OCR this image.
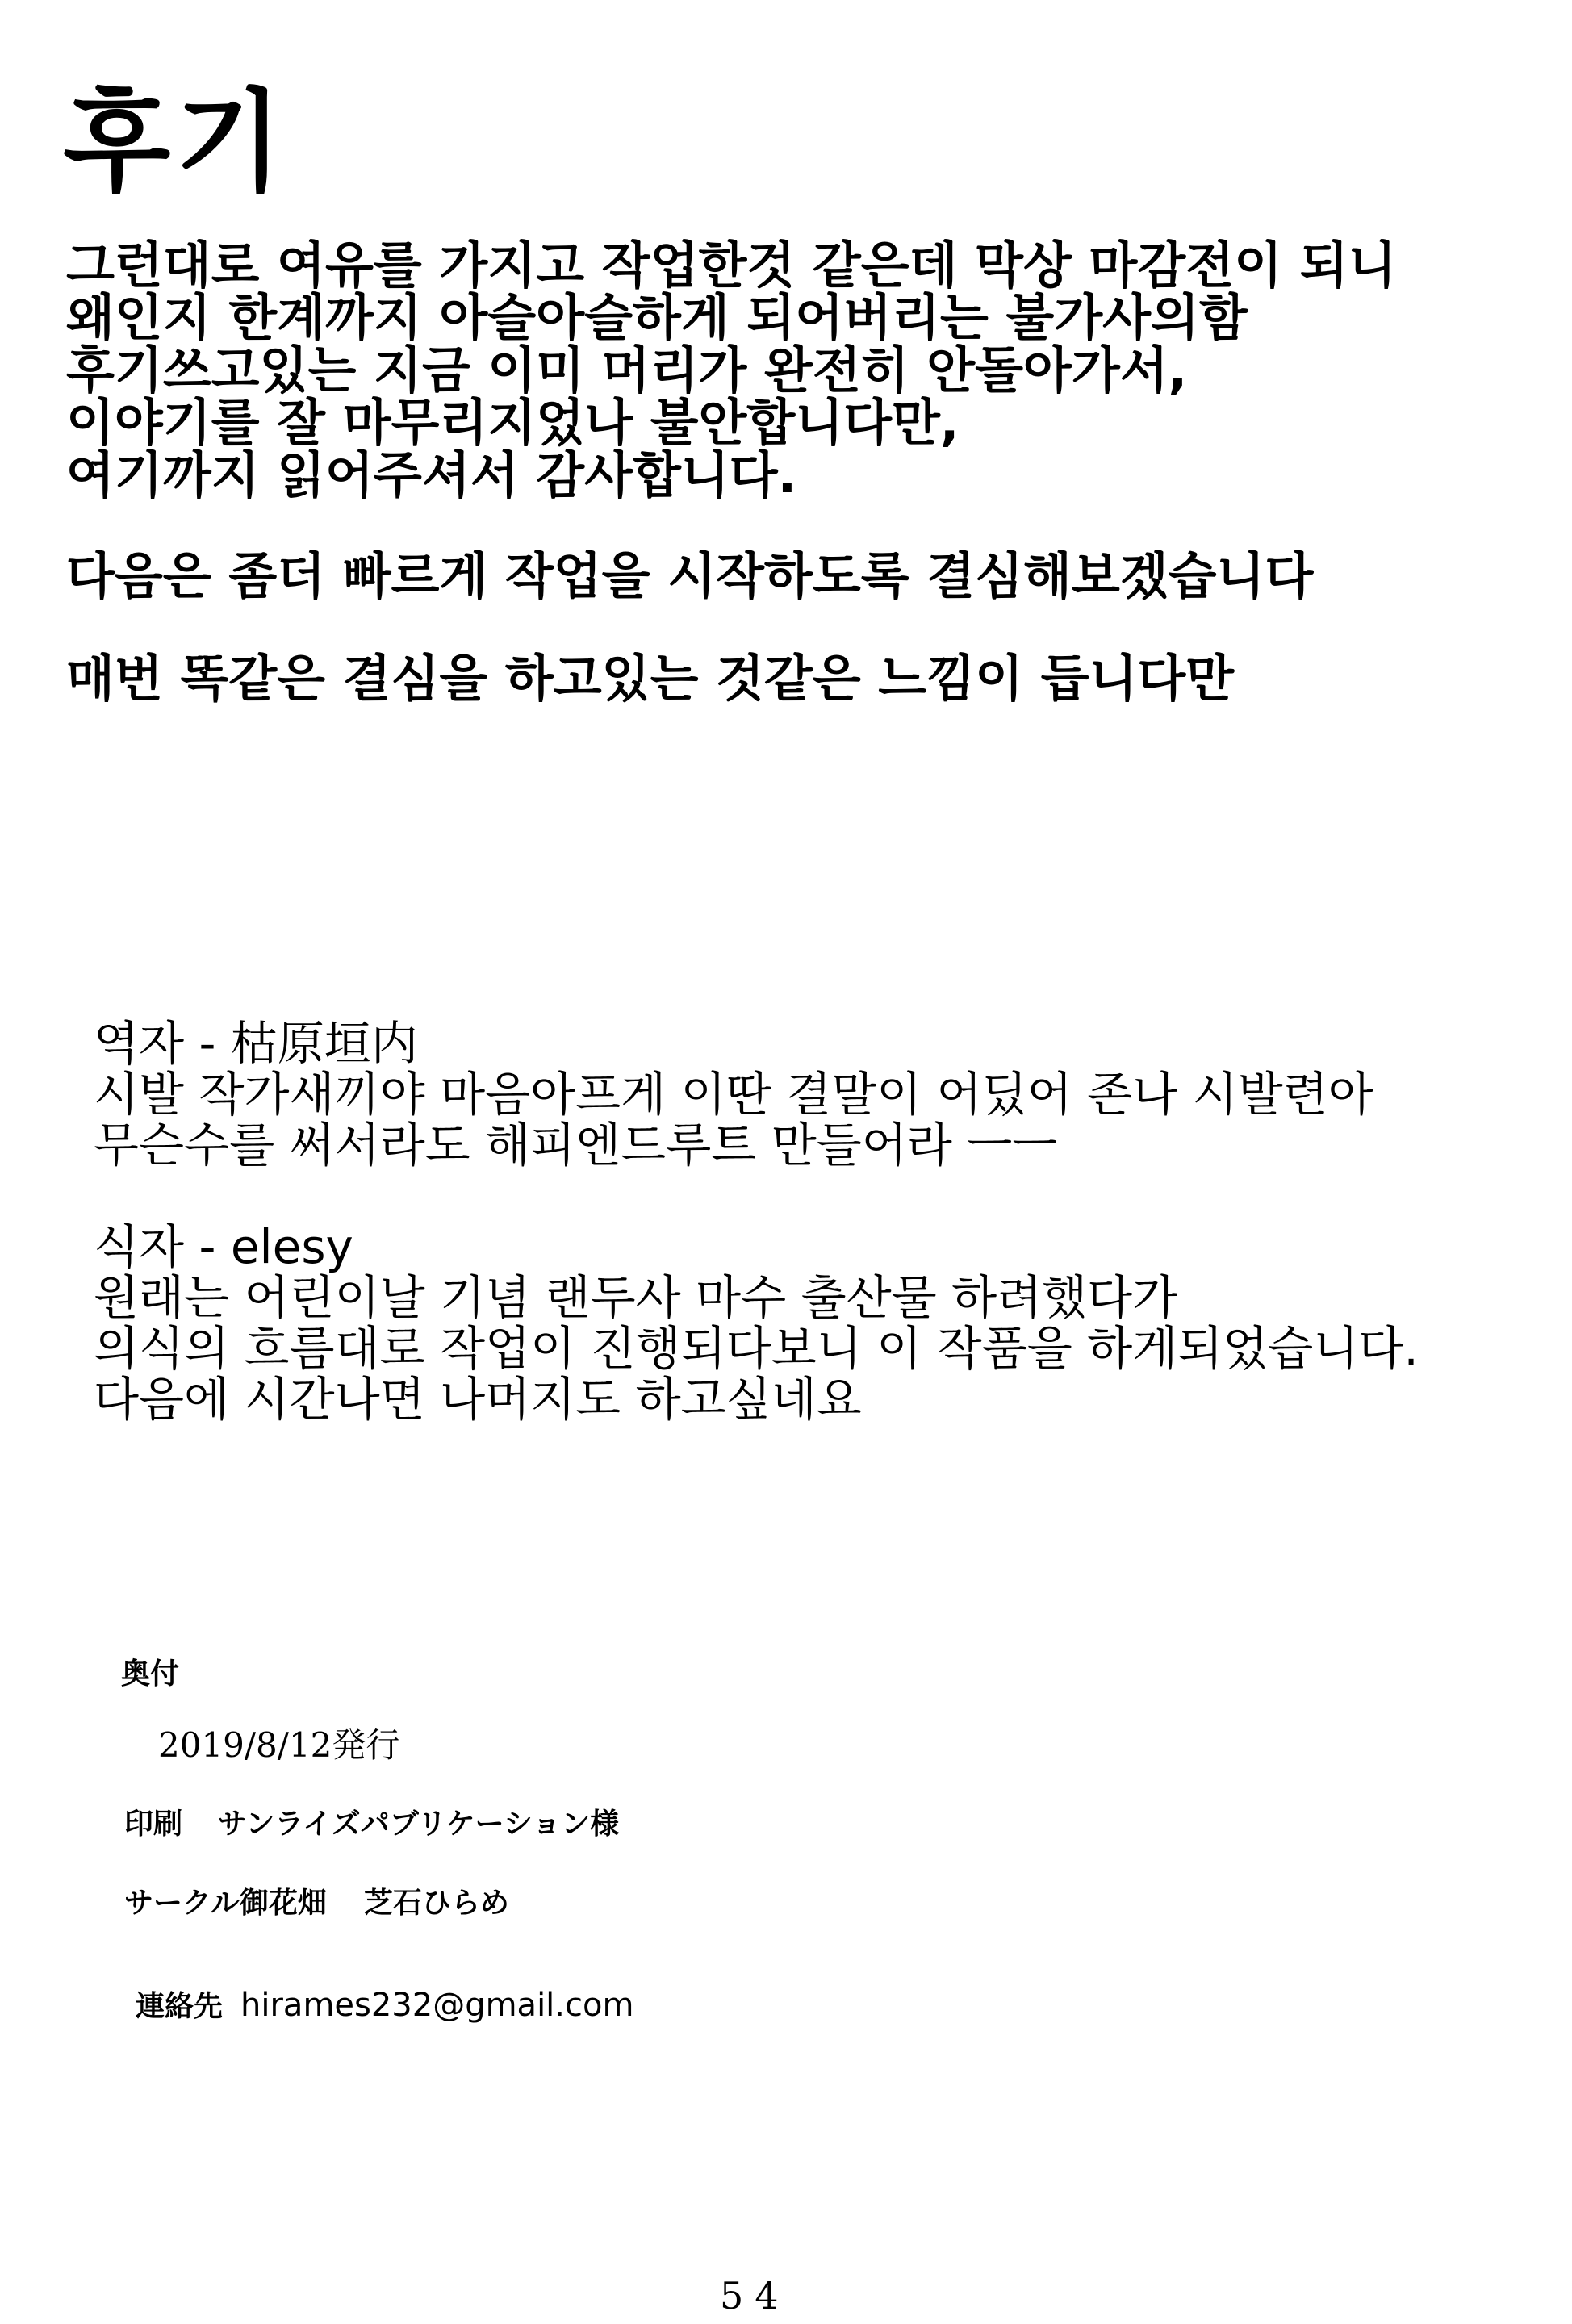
후기
그런대로 여유를 가지고 작업한것 같은데 막상 마감전이 되니
왜인지 한계까지 아슬아슬하게 되어버리는 불가사의함
후기쓰고있는 지금 이미 머리가 완전히 안돌아가서,
이야기를 잘 마무리지었나 불안합니다만,
여기까지 읽어주셔서 감사합니다.
다음은 좀더 빠르게 작업을 시작하도록 결심해보겠습니다
매번 똑같은 결심을 하고있는 것같은 느낌이 듭니다만
역자 - 枯原垣内
시발 작가새끼야 마음아프게 이딴 결말이 어딨어 존나 시발련아
무슨수를 써서라도 해피엔드루트 만들어라 ㅡㅡ
식자 - elesy
원래는 어린이날 기념 랜두사 마수 출산물 하려했다가
의식의 흐름대로 작업이 진행되다보니 이 작품을 하게되었습니다.
다음에 시간나면 나머지도 하고싶네요
奥付
2019/8/12発行
印刷 サンライズパブリケーション様
サークル御花畑 芝石ひらめ
連絡先 hirames232@gmail.com
54
